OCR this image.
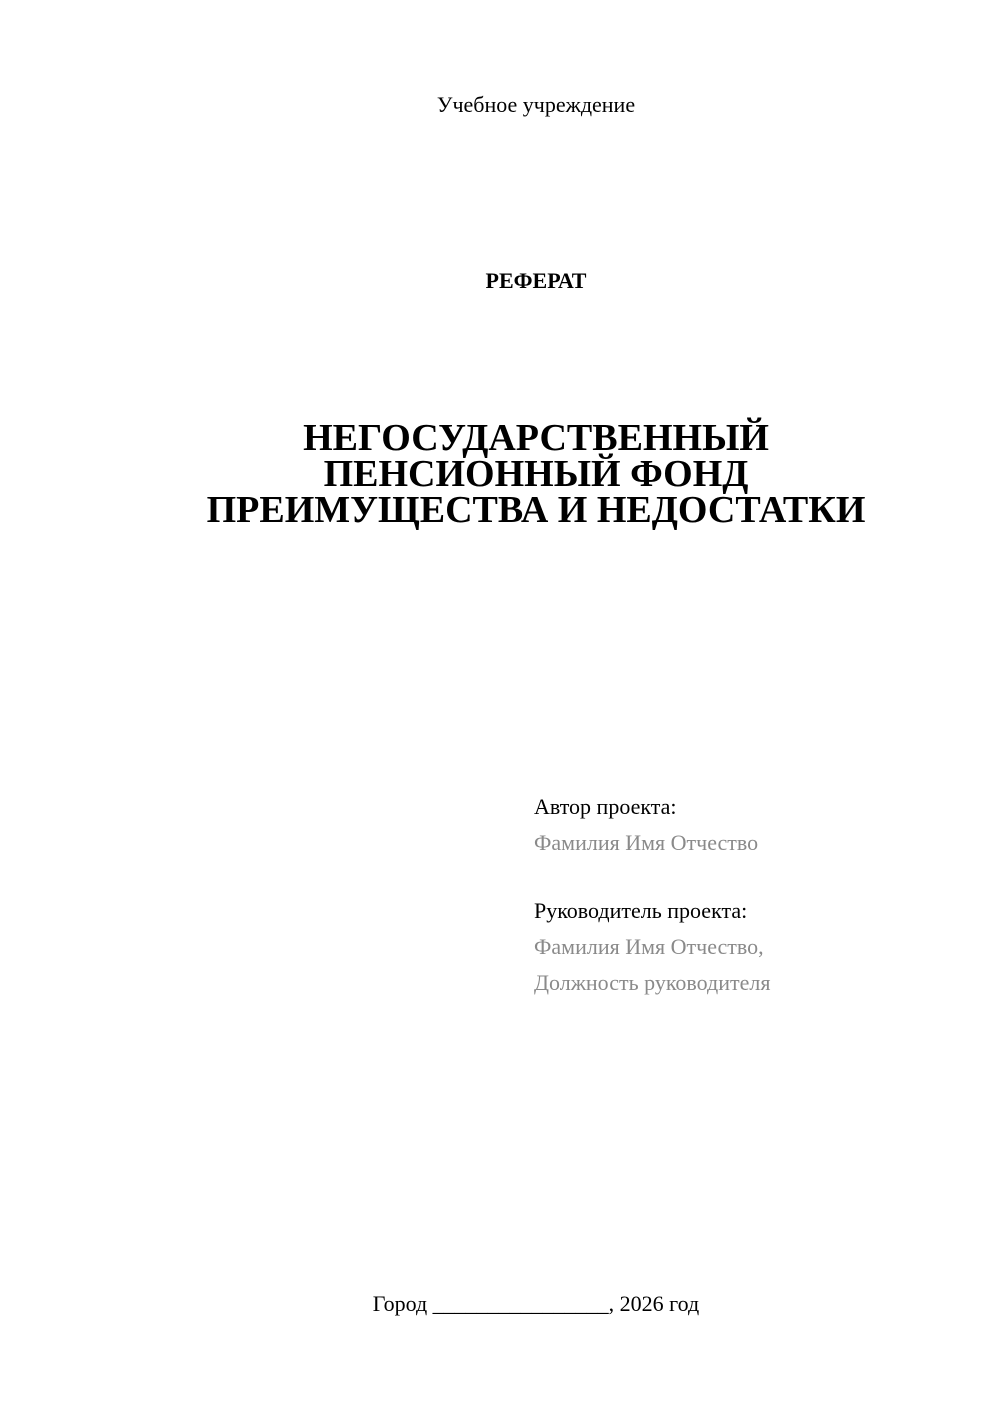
Учебное учреждение
РЕФЕРАТ
НЕГОСУДАРСТВЕННЫЙ
ПЕНСИОННЫЙ ФОНД
ПРЕИМУЩЕСТВА И НЕДОСТАТКИ
Автор проекта:
Фамилия Имя Отчество
Руководитель проекта:
Фамилия Имя Отчество,
Должность руководителя
Город ________________, 2026 год
